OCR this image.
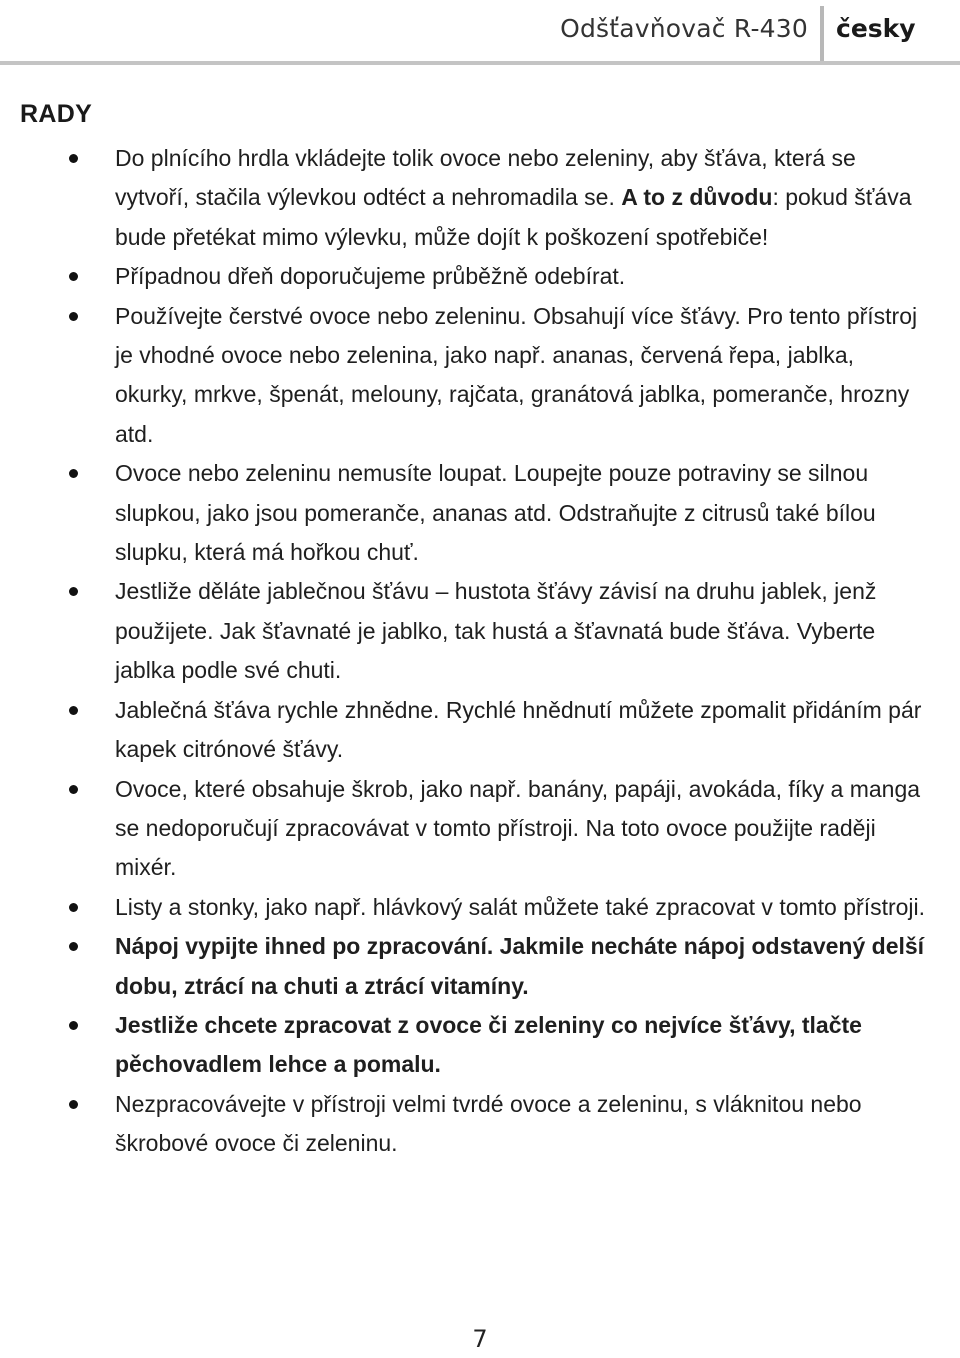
Odšťavňovač R-430 česky
RADY
Do plnícího hrdla vkládejte tolik ovoce nebo zeleniny, aby šťáva, která se vytvoří, stačila výlevkou odtéct a nehromadila se. A to z důvodu: pokud šťáva bude přetékat mimo výlevku, může dojít k poškození spotřebiče!
Případnou dřeň doporučujeme průběžně odebírat.
Používejte čerstvé ovoce nebo zeleninu. Obsahují více šťávy. Pro tento přístroj je vhodné ovoce nebo zelenina, jako např. ananas, červená řepa, jablka, okurky, mrkve, špenát, melouny, rajčata, granátová jablka, pomeranče, hrozny atd.
Ovoce nebo zeleninu nemusíte loupat. Loupejte pouze potraviny se silnou slupkou, jako jsou pomeranče, ananas atd. Odstraňujte z citrusů také bílou slupku, která má hořkou chuť.
Jestliže děláte jablečnou šťávu – hustota šťávy závisí na druhu jablek, jenž použijete. Jak šťavnaté je jablko, tak hustá a šťavnatá bude šťáva. Vyberte jablka podle své chuti.
Jablečná šťáva rychle zhnědne. Rychlé hnědnutí můžete zpomalit přidáním pár kapek citrónové šťávy.
Ovoce, které obsahuje škrob, jako např. banány, papáji, avokáda, fíky a manga se nedoporučují zpracovávat v tomto přístroji. Na toto ovoce použijte raději mixér.
Listy a stonky, jako např. hlávkový salát můžete také zpracovat v tomto přístroji.
Nápoj vypijte ihned po zpracování. Jakmile necháte nápoj odstavený delší dobu, ztrácí na chuti a ztrácí vitamíny.
Jestliže chcete zpracovat z ovoce či zeleniny co nejvíce šťávy, tlačte pěchovadlem lehce a pomalu.
Nezpracovávejte v přístroji velmi tvrdé ovoce a zeleninu, s vláknitou nebo škrobové ovoce či zeleninu.
7
